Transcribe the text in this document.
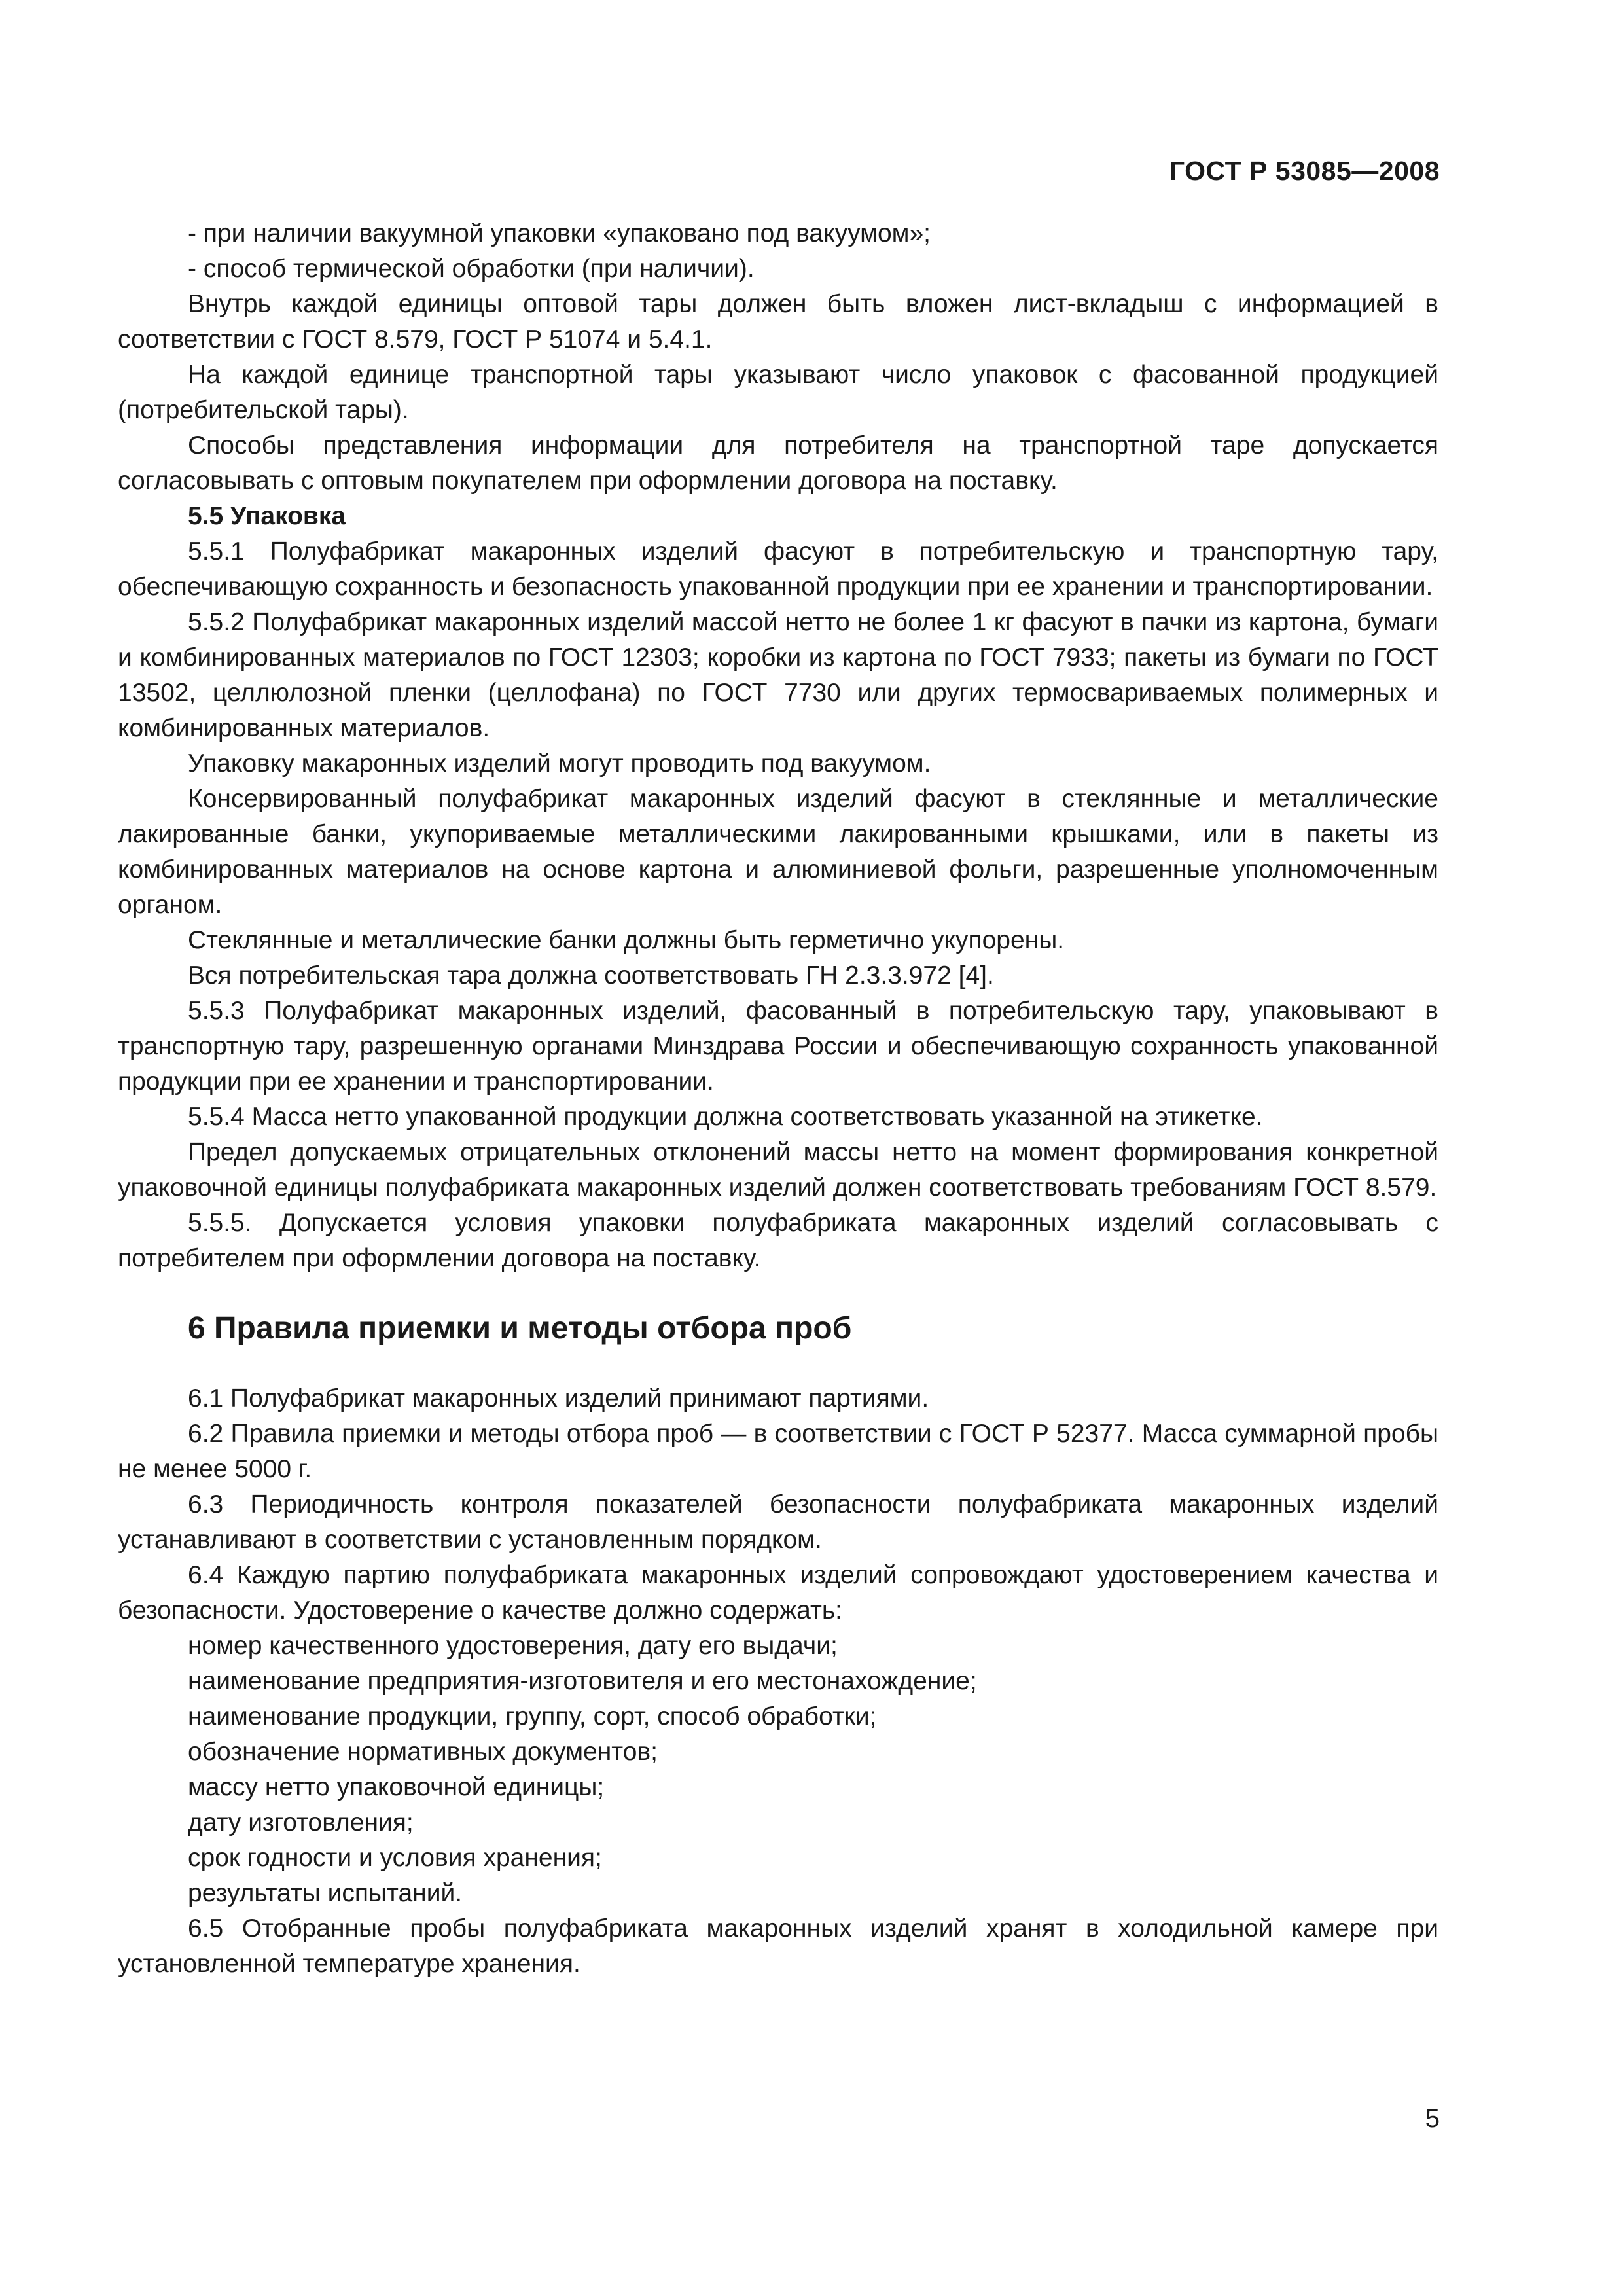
ГОСТ Р 53085—2008

- при наличии вакуумной упаковки «упаковано под вакуумом»;

- способ термической обработки (при наличии).

Внутрь каждой единицы оптовой тары должен быть вложен лист-вкладыш с информацией в соответствии с ГОСТ 8.579, ГОСТ Р 51074 и 5.4.1.

На каждой единице транспортной тары указывают число упаковок с фасованной продукцией (потребительской тары).

Способы представления информации для потребителя на транспортной таре допускается согласовывать с оптовым покупателем при оформлении договора на поставку.

5.5 Упаковка

5.5.1 Полуфабрикат макаронных изделий фасуют в потребительскую и транспортную тару, обеспечивающую сохранность и безопасность упакованной продукции при ее хранении и транспортировании.

5.5.2 Полуфабрикат макаронных изделий массой нетто не более 1 кг фасуют в пачки из картона, бумаги и комбинированных материалов по ГОСТ 12303; коробки из картона по ГОСТ 7933; пакеты из бумаги по ГОСТ 13502, целлюлозной пленки (целлофана) по ГОСТ 7730 или других термосвариваемых полимерных и комбинированных материалов.

Упаковку макаронных изделий могут проводить под вакуумом.

Консервированный полуфабрикат макаронных изделий фасуют в стеклянные и металлические лакированные банки, укупориваемые металлическими лакированными крышками, или в пакеты из комбинированных материалов на основе картона и алюминиевой фольги, разрешенные уполномоченным органом.

Стеклянные и металлические банки должны быть герметично укупорены.

Вся потребительская тара должна соответствовать ГН 2.3.3.972 [4].

5.5.3 Полуфабрикат макаронных изделий, фасованный в потребительскую тару, упаковывают в транспортную тару, разрешенную органами Минздрава России и обеспечивающую сохранность упакованной продукции при ее хранении и транспортировании.

5.5.4 Масса нетто упакованной продукции должна соответствовать указанной на этикетке.

Предел допускаемых отрицательных отклонений массы нетто на момент формирования конкретной упаковочной единицы полуфабриката макаронных изделий должен соответствовать требованиям ГОСТ 8.579.

5.5.5. Допускается условия упаковки полуфабриката макаронных изделий согласовывать с потребителем при оформлении договора на поставку.

6 Правила приемки и методы отбора проб

6.1 Полуфабрикат макаронных изделий принимают партиями.

6.2 Правила приемки и методы отбора проб — в соответствии с ГОСТ Р 52377. Масса суммарной пробы не менее 5000 г.

6.3 Периодичность контроля показателей безопасности полуфабриката макаронных изделий устанавливают в соответствии с установленным порядком.

6.4 Каждую партию полуфабриката макаронных изделий сопровождают удостоверением качества и безопасности. Удостоверение о качестве должно содержать:

номер качественного удостоверения, дату его выдачи;

наименование предприятия-изготовителя и его местонахождение;

наименование продукции, группу, сорт, способ обработки;

обозначение нормативных документов;

массу нетто упаковочной единицы;

дату изготовления;

срок годности и условия хранения;

результаты испытаний.

6.5 Отобранные пробы полуфабриката макаронных изделий хранят в холодильной камере при установленной температуре хранения.

5
